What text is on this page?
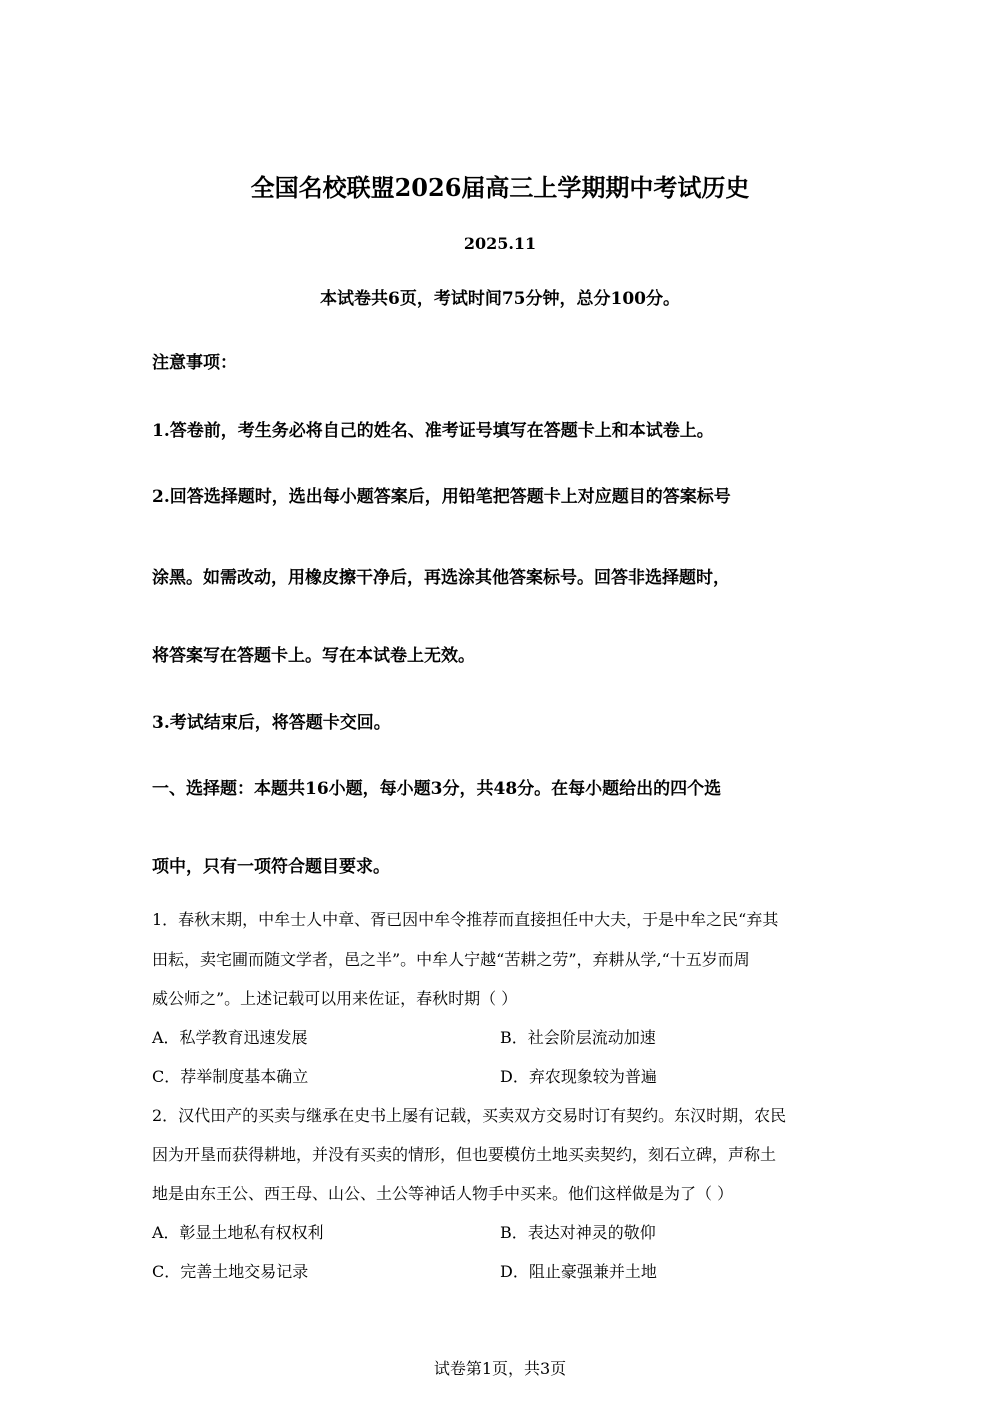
全国名校联盟2026届高三上学期期中考试历史
2025.11
本试卷共6页，考试时间75分钟，总分100分。
注意事项：
1.答卷前，考生务必将自己的姓名、准考证号填写在答题卡上和本试卷上。
2.回答选择题时，选出每小题答案后，用铅笔把答题卡上对应题目的答案标号
涂黑。如需改动，用橡皮擦干净后，再选涂其他答案标号。回答非选择题时，
将答案写在答题卡上。写在本试卷上无效。
3.考试结束后，将答题卡交回。
一、选择题：本题共16小题，每小题3分，共48分。在每小题给出的四个选
项中，只有一项符合题目要求。
1．春秋末期，中牟士人中章、胥已因中牟令推荐而直接担任中大夫，于是中牟之民“弃其
田耘，卖宅圃而随文学者，邑之半”。中牟人宁越“苦耕之劳”，弃耕从学,“十五岁而周
威公师之”。上述记载可以用来佐证，春秋时期（ ）
A．私学教育迅速发展	B．社会阶层流动加速
C．荐举制度基本确立	D．弃农现象较为普遍
2．汉代田产的买卖与继承在史书上屡有记载，买卖双方交易时订有契约。东汉时期，农民
因为开垦而获得耕地，并没有买卖的情形，但也要模仿土地买卖契约，刻石立碑，声称土
地是由东王公、西王母、山公、土公等神话人物手中买来。他们这样做是为了（ ）
A．彰显土地私有权权利	B．表达对神灵的敬仰
C．完善土地交易记录	D．阻止豪强兼并土地
试卷第1页，共3页
